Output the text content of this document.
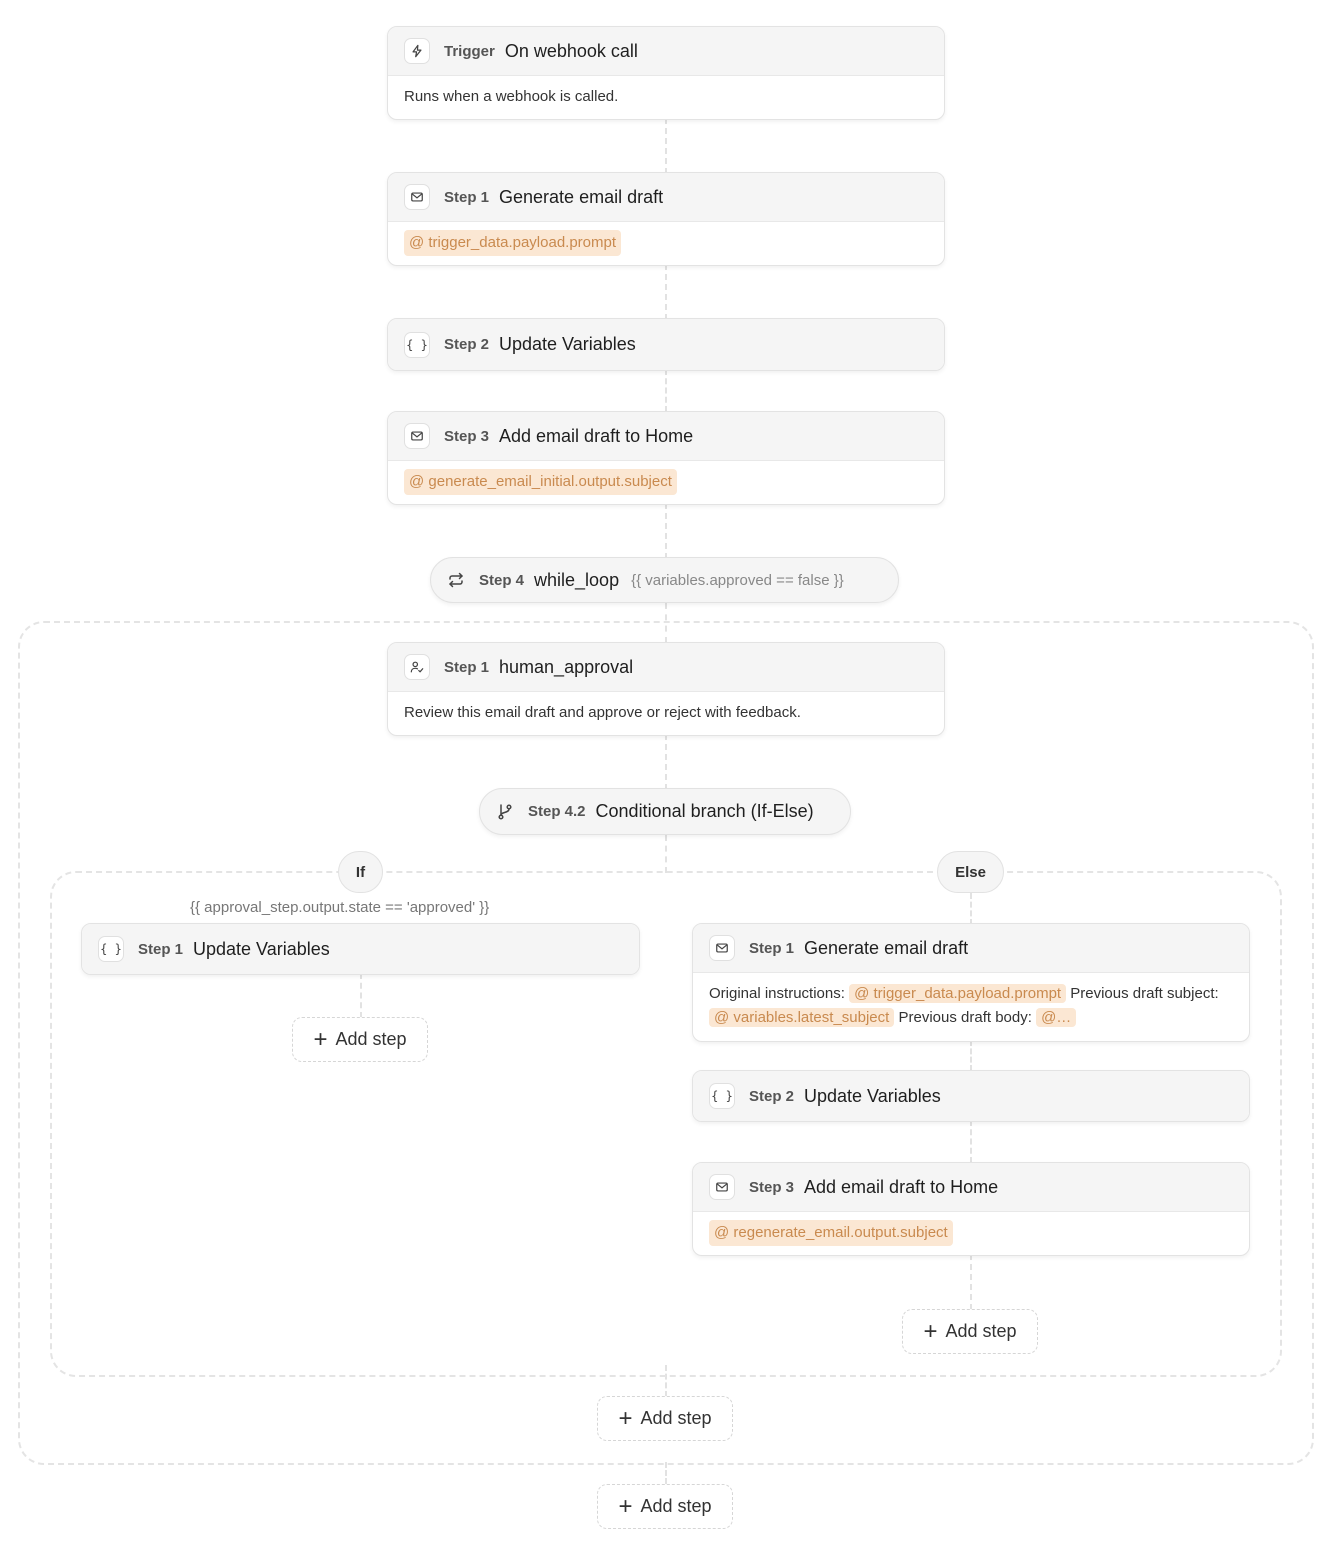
Trigger On webhook call
Runs when a webhook is called.
Step 1 Generate email draft
@ trigger_data.payload.prompt
{ } Step 2 Update Variables
Step 3 Add email draft to Home
@ generate_email_initial.output.subject
Step 4 while_loop {{ variables.approved == false }}
Step 1 human_approval
Review this email draft and approve or reject with feedback.
Step 4.2 Conditional branch (If-Else)
If	Else
{{ approval_step.output.state == 'approved' }}
{ } Step 1 Update Variables	Step 1 Generate email draft
Original instructions: @ trigger_data.payload.prompt Previous draft subject: @ variables.latest_subject Previous draft body: @…
{ } Step 2 Update Variables
Step 3 Add email draft to Home
@ regenerate_email.output.subject
+ Add step
+ Add step
+ Add step
+ Add step
